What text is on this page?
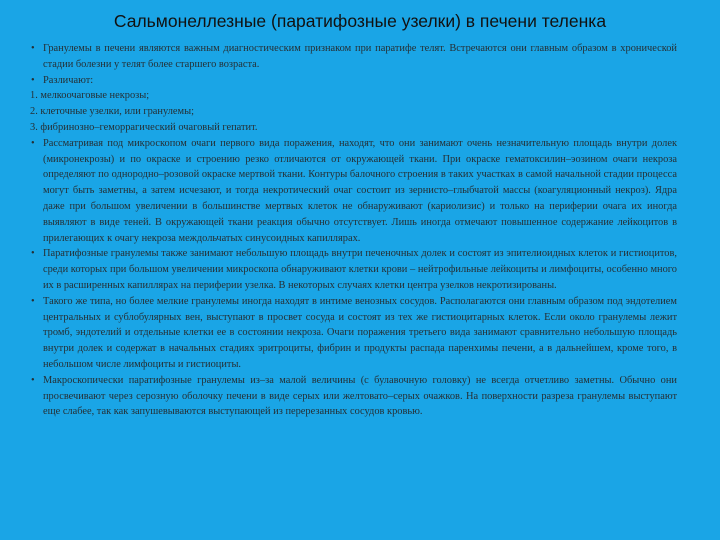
Сальмонеллезные (паратифозные узелки) в печени теленка

• Гранулемы в печени являются важным диагностическим признаком при паратифе телят. Встречаются они главным образом в хронической стадии болезни у телят более старшего возраста.

• Различают:

1. мелкоочаговые некрозы;

2. клеточные узелки, или гранулемы;

3. фибринозно–геморрагический очаговый гепатит.

• Рассматривая под микроскопом очаги первого вида поражения, находят, что они занимают очень незначительную площадь внутри долек (микронекрозы) и по окраске и строению резко отличаются от окружающей ткани. При окраске гематоксилин–эозином очаги некроза определяют по однородно–розовой окраске мертвой ткани. Контуры балочного строения в таких участках в самой начальной стадии процесса могут быть заметны, а затем исчезают, и тогда некротический очаг состоит из зернисто–глыбчатой массы (коагуляционный некроз). Ядра даже при большом увеличении в большинстве мертвых клеток не обнаруживают (кариолизис) и только на периферии очага их иногда выявляют в виде теней. В окружающей ткани реакция обычно отсутствует. Лишь иногда отмечают повышенное содержание лейкоцитов в прилегающих к очагу некроза междольчатых синусоидных капиллярах.

• Паратифозные гранулемы также занимают небольшую площадь внутри печеночных долек и состоят из эпителиоидных клеток и гистиоцитов, среди которых при большом увеличении микроскопа обнаруживают клетки крови – нейтрофильные лейкоциты и лимфоциты, особенно много их в расширенных капиллярах на периферии узелка. В некоторых случаях клетки центра узелков некротизированы.

• Такого же типа, но более мелкие гранулемы иногда находят в интиме венозных сосудов. Располагаются они главным образом под эндотелием центральных и сублобулярных вен, выступают в просвет сосуда и состоят из тех же гистиоцитарных клеток. Если около гранулемы лежит тромб, эндотелий и отдельные клетки ее в состоянии некроза. Очаги поражения третьего вида занимают сравнительно небольшую площадь внутри долек и содержат в начальных стадиях эритроциты, фибрин и продукты распада паренхимы печени, а в дальнейшем, кроме того, в небольшом числе лимфоциты и гистиоциты.

• Макроскопически паратифозные гранулемы из–за малой величины (с булавочную головку) не всегда отчетливо заметны. Обычно они просвечивают через серозную оболочку печени в виде серых или желтовато–серых очажков. На поверхности разреза гранулемы выступают еще слабее, так как запушевываются выступающей из перерезанных сосудов кровью.
